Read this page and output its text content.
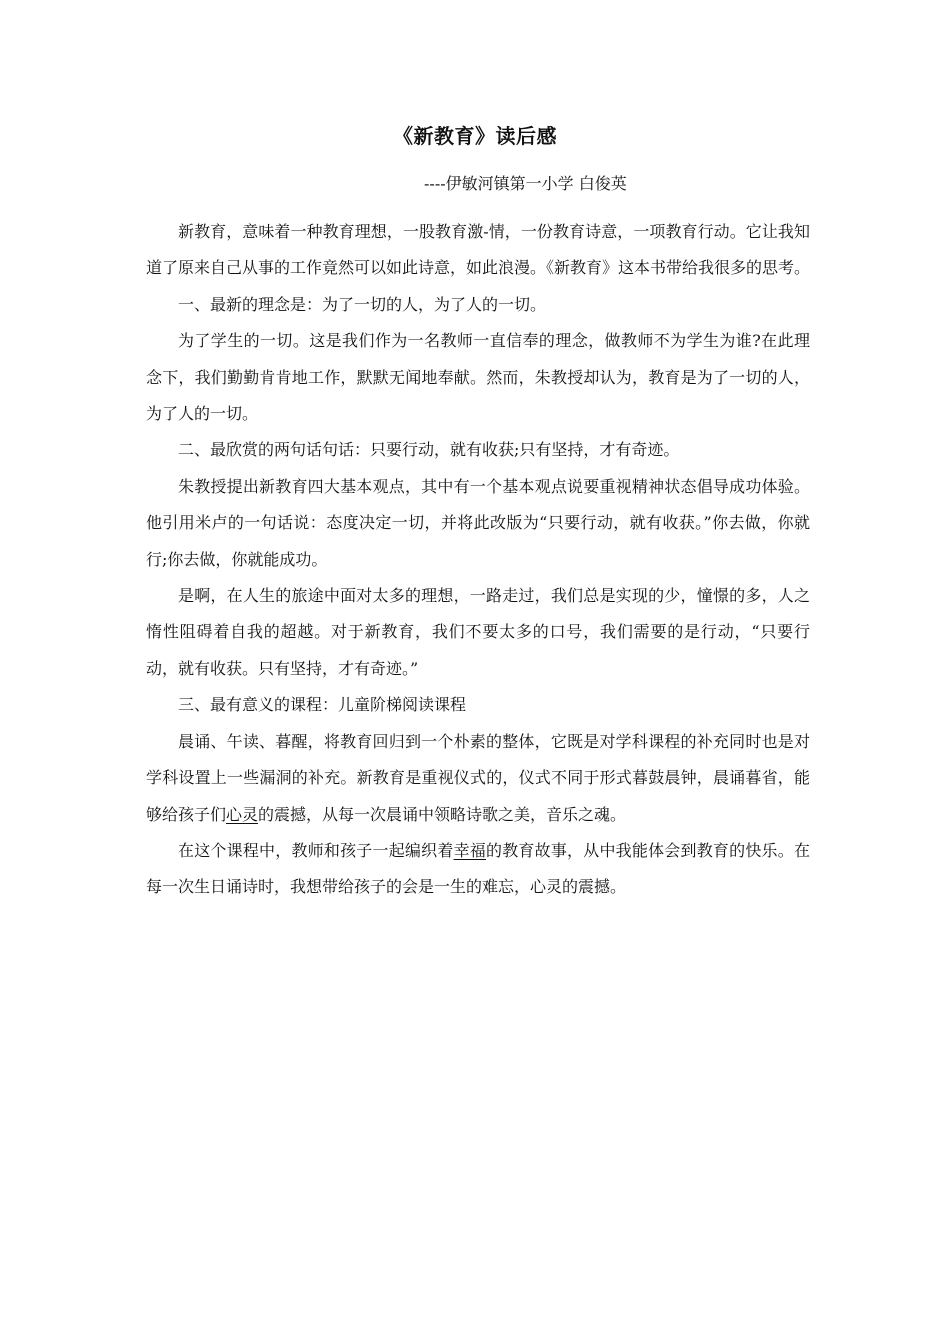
《新教育》读后感
----伊敏河镇第一小学 白俊英

新教育，意味着一种教育理想，一股教育激-情，一份教育诗意，一项教育行动。它让我知道了原来自己从事的工作竟然可以如此诗意，如此浪漫。《新教育》这本书带给我很多的思考。

一、最新的理念是：为了一切的人，为了人的一切。

为了学生的一切。这是我们作为一名教师一直信奉的理念，做教师不为学生为谁?在此理念下，我们勤勤肯肯地工作，默默无闻地奉献。然而，朱教授却认为，教育是为了一切的人，为了人的一切。

二、最欣赏的两句话句话：只要行动，就有收获;只有坚持，才有奇迹。

朱教授提出新教育四大基本观点，其中有一个基本观点说要重视精神状态倡导成功体验。他引用米卢的一句话说：态度决定一切，并将此改版为“只要行动，就有收获。”你去做，你就行;你去做，你就能成功。

是啊，在人生的旅途中面对太多的理想，一路走过，我们总是实现的少，憧憬的多，人之惰性阻碍着自我的超越。对于新教育，我们不要太多的口号，我们需要的是行动，“只要行动，就有收获。只有坚持，才有奇迹。”

三、最有意义的课程：儿童阶梯阅读课程

晨诵、午读、暮醒，将教育回归到一个朴素的整体，它既是对学科课程的补充同时也是对学科设置上一些漏洞的补充。新教育是重视仪式的，仪式不同于形式暮鼓晨钟，晨诵暮省，能够给孩子们心灵的震撼，从每一次晨诵中领略诗歌之美，音乐之魂。

在这个课程中，教师和孩子一起编织着幸福的教育故事，从中我能体会到教育的快乐。在每一次生日诵诗时，我想带给孩子的会是一生的难忘，心灵的震撼。
